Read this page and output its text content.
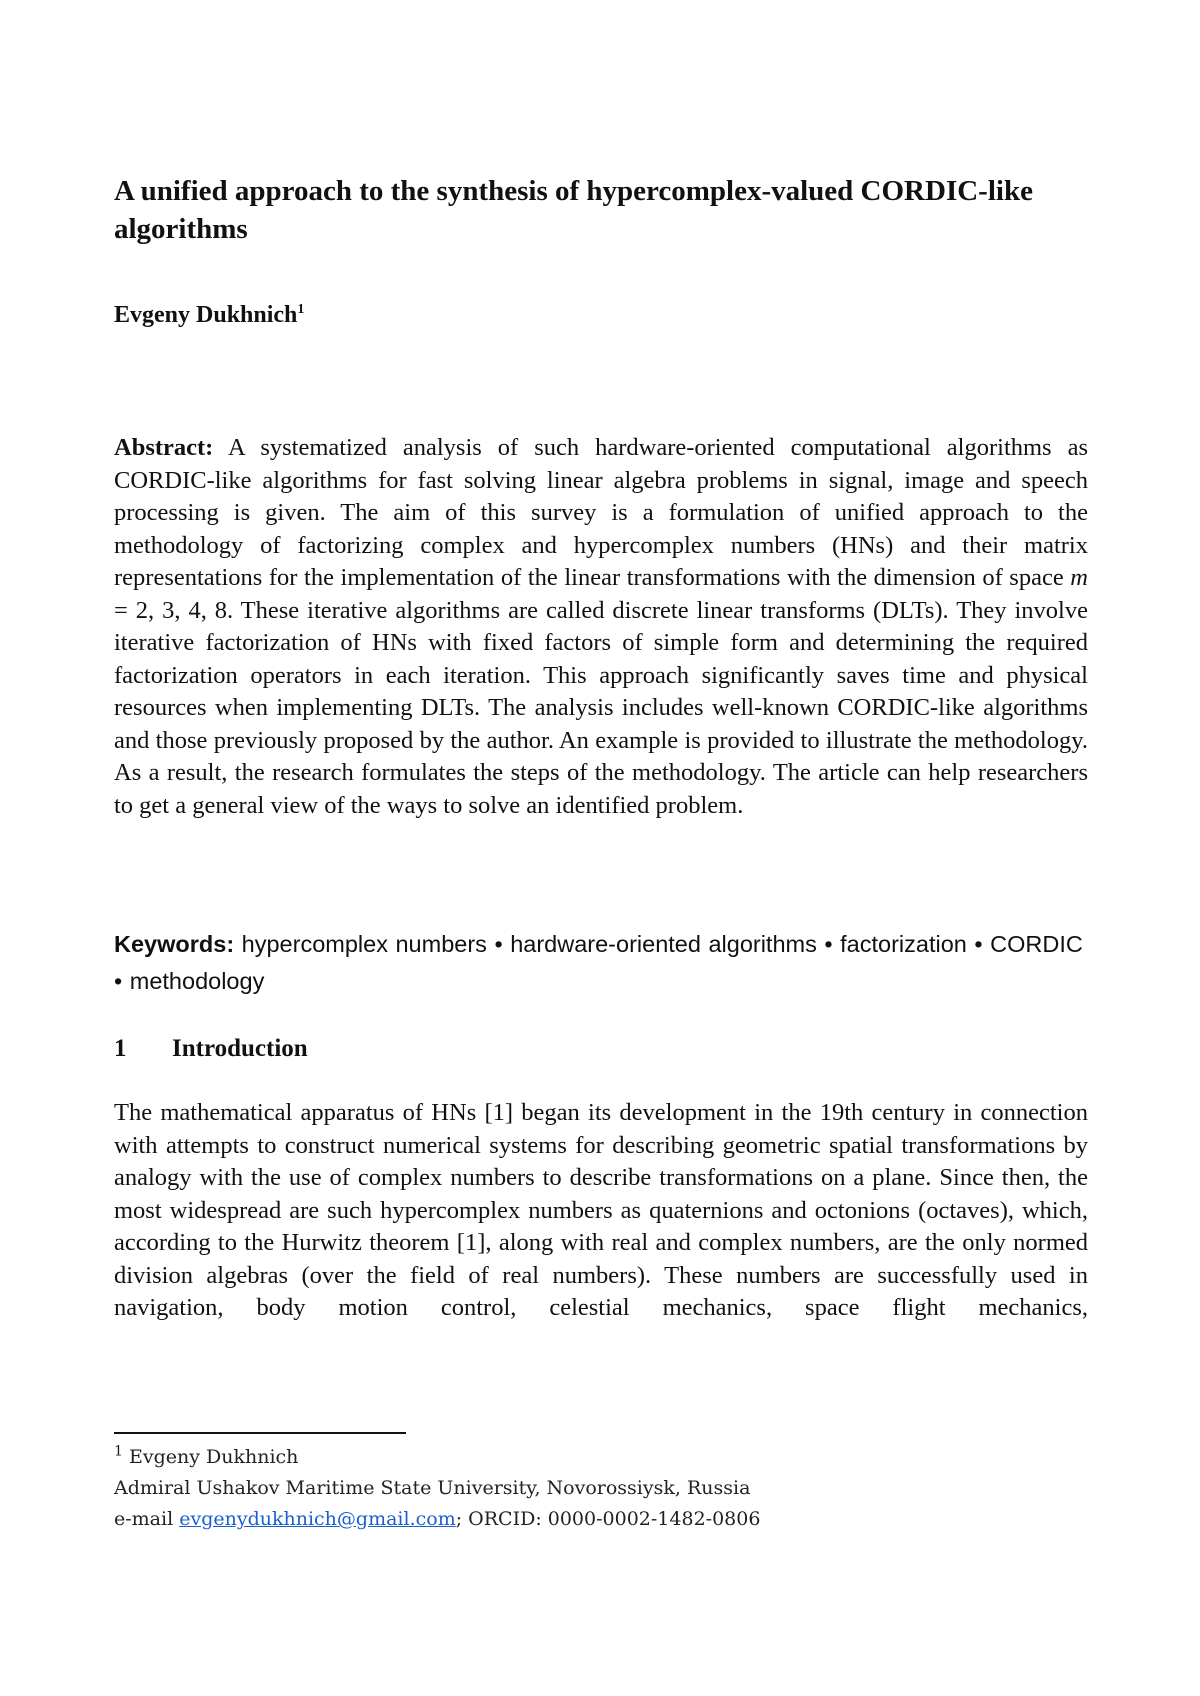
A unified approach to the synthesis of hypercomplex-valued CORDIC-like algorithms
Evgeny Dukhnich$^1$

Abstract: A systematized analysis of such hardware-oriented computational algorithms as CORDIC-like algorithms for fast solving linear algebra problems in signal, image and speech processing is given. The aim of this survey is a formulation of unified approach to the methodology of factorizing complex and hypercomplex numbers (HNs) and their matrix representations for the implementation of the linear transformations with the dimension of space m = 2, 3, 4, 8. These iterative algorithms are called discrete linear transforms (DLTs). They involve iterative factorization of HNs with fixed factors of simple form and determining the required factorization operators in each iteration. This approach significantly saves time and physical resources when implementing DLTs. The analysis includes well-known CORDIC-like algorithms and those previously proposed by the author. An example is provided to illustrate the methodology. As a result, the research formulates the steps of the methodology. The article can help researchers to get a general view of the ways to solve an identified problem.

Keywords: hypercomplex numbers • hardware-oriented algorithms • factorization • CORDIC • methodology

1 Introduction

The mathematical apparatus of HNs [1] began its development in the 19th century in connection with attempts to construct numerical systems for describing geometric spatial transformations by analogy with the use of complex numbers to describe transformations on a plane. Since then, the most widespread are such hypercomplex numbers as quaternions and octonions (octaves), which, according to the Hurwitz theorem [1], along with real and complex numbers, are the only normed division algebras (over the field of real numbers). These numbers are successfully used in navigation, body motion control, celestial mechanics, space flight mechanics,

$^1$ Evgeny Dukhnich
Admiral Ushakov Maritime State University, Novorossiysk, Russia
e-mail evgenydukhnich@gmail.com; ORCID: 0000-0002-1482-0806
